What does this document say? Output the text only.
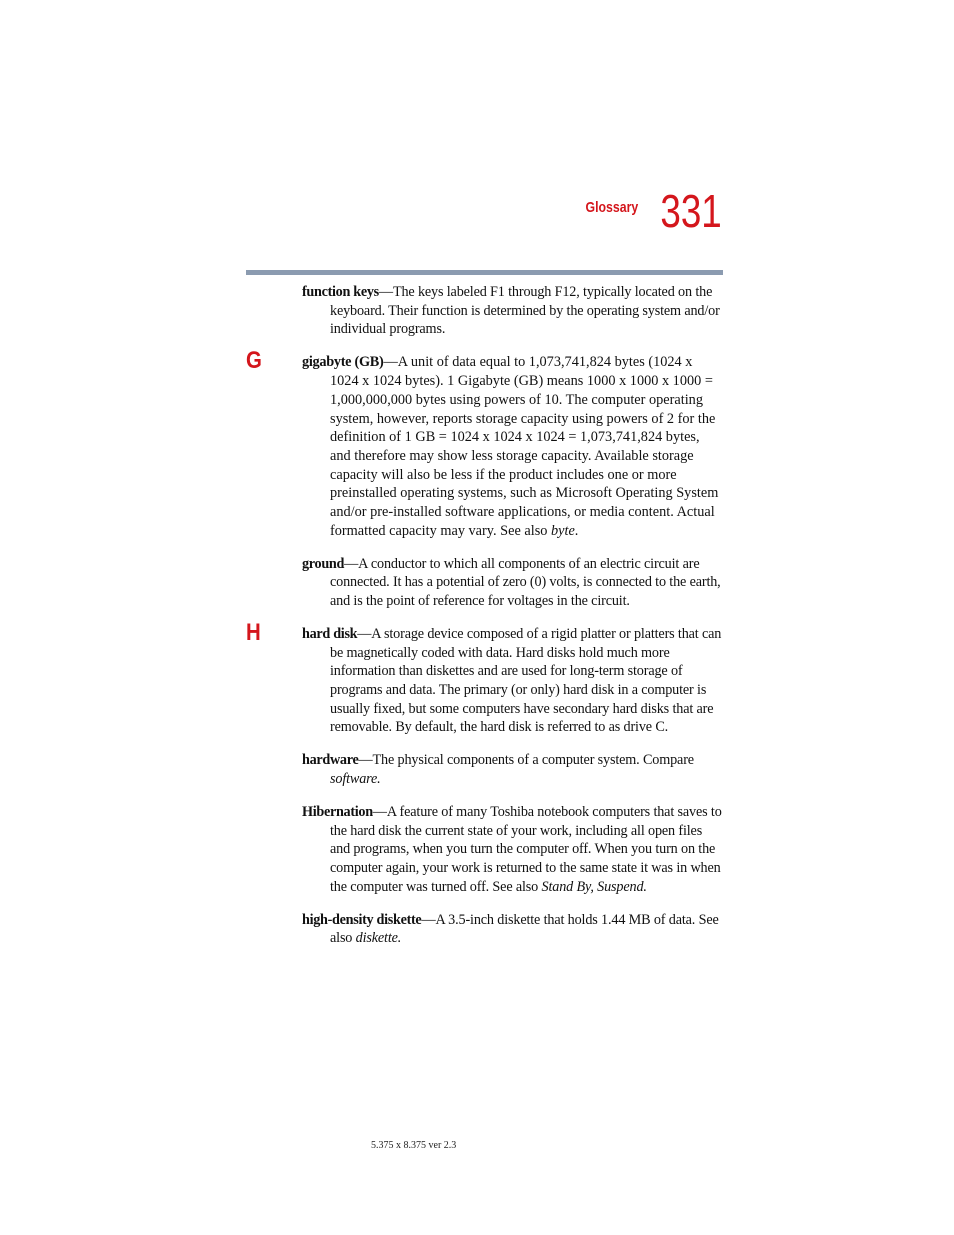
Glossary 331

function keys—The keys labeled F1 through F12, typically located on the keyboard. Their function is determined by the operating system and/or individual programs.

G	gigabyte (GB)—A unit of data equal to 1,073,741,824 bytes (1024 x 1024 x 1024 bytes). 1 Gigabyte (GB) means 1000 x 1000 x 1000 = 1,000,000,000 bytes using powers of 10. The computer operating system, however, reports storage capacity using powers of 2 for the definition of 1 GB = 1024 x 1024 x 1024 = 1,073,741,824 bytes, and therefore may show less storage capacity. Available storage capacity will also be less if the product includes one or more preinstalled operating systems, such as Microsoft Operating System and/or pre-installed software applications, or media content. Actual formatted capacity may vary. See also byte.

ground—A conductor to which all components of an electric circuit are connected. It has a potential of zero (0) volts, is connected to the earth, and is the point of reference for voltages in the circuit.

H	hard disk—A storage device composed of a rigid platter or platters that can be magnetically coded with data. Hard disks hold much more information than diskettes and are used for long-term storage of programs and data. The primary (or only) hard disk in a computer is usually fixed, but some computers have secondary hard disks that are removable. By default, the hard disk is referred to as drive C.

hardware—The physical components of a computer system. Compare software.

Hibernation—A feature of many Toshiba notebook computers that saves to the hard disk the current state of your work, including all open files and programs, when you turn the computer off. When you turn on the computer again, your work is returned to the same state it was in when the computer was turned off. See also Stand By, Suspend.

high-density diskette—A 3.5-inch diskette that holds 1.44 MB of data. See also diskette.

5.375 x 8.375 ver 2.3
